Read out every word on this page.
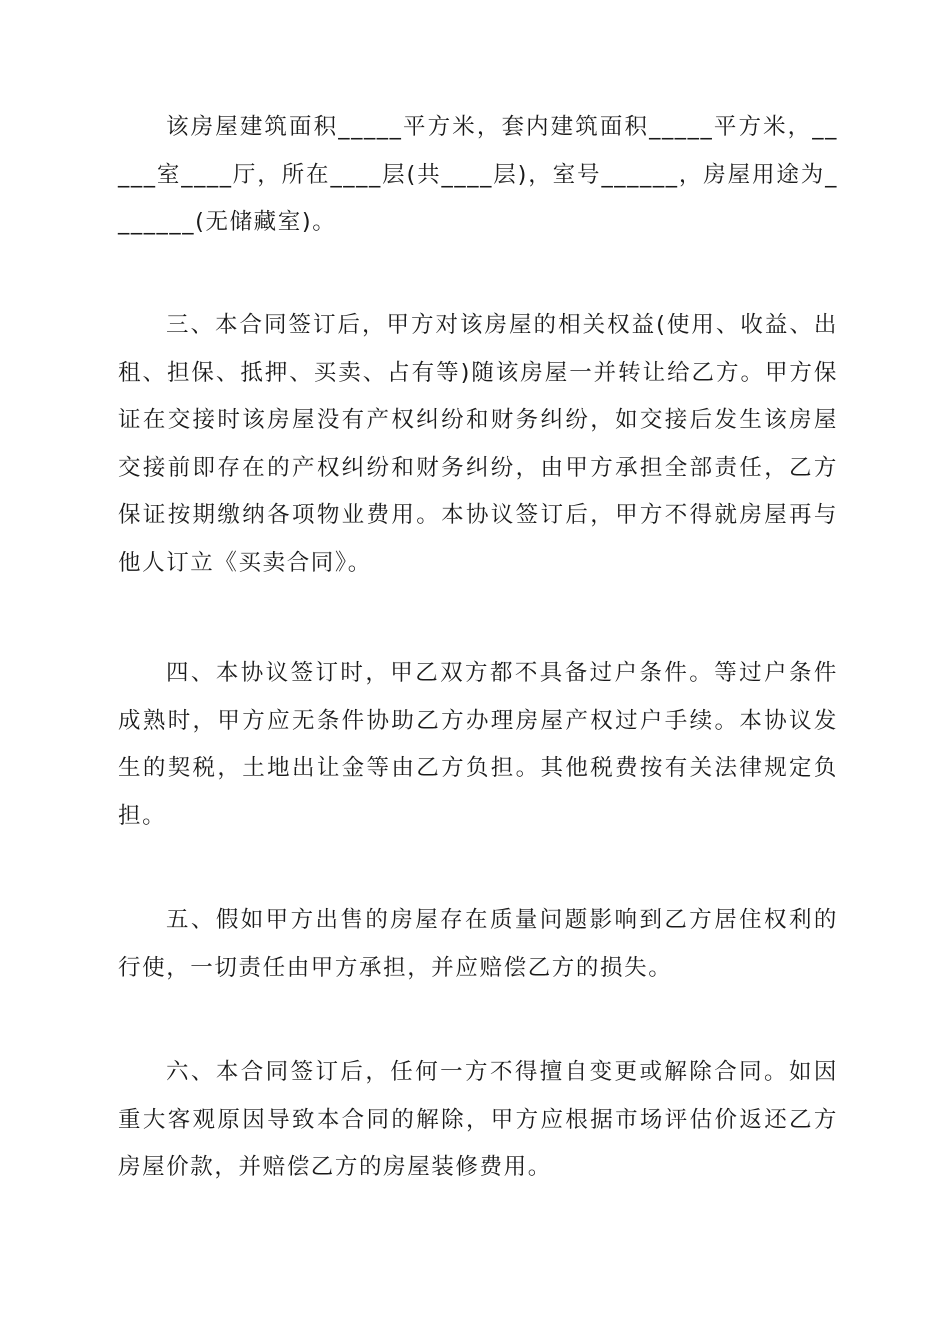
该房屋建筑面积_____平方米，套内建筑面积_____平方米，_____室____厅，所在____层(共____层)，室号______，房屋用途为_______(无储藏室)。

三、本合同签订后，甲方对该房屋的相关权益(使用、收益、出租、担保、抵押、买卖、占有等)随该房屋一并转让给乙方。甲方保证在交接时该房屋没有产权纠纷和财务纠纷，如交接后发生该房屋交接前即存在的产权纠纷和财务纠纷，由甲方承担全部责任，乙方保证按期缴纳各项物业费用。本协议签订后，甲方不得就房屋再与他人订立《买卖合同》。

四、本协议签订时，甲乙双方都不具备过户条件。等过户条件成熟时，甲方应无条件协助乙方办理房屋产权过户手续。本协议发生的契税，土地出让金等由乙方负担。其他税费按有关法律规定负担。

五、假如甲方出售的房屋存在质量问题影响到乙方居住权利的行使，一切责任由甲方承担，并应赔偿乙方的损失。

六、本合同签订后，任何一方不得擅自变更或解除合同。如因重大客观原因导致本合同的解除，甲方应根据市场评估价返还乙方房屋价款，并赔偿乙方的房屋装修费用。
